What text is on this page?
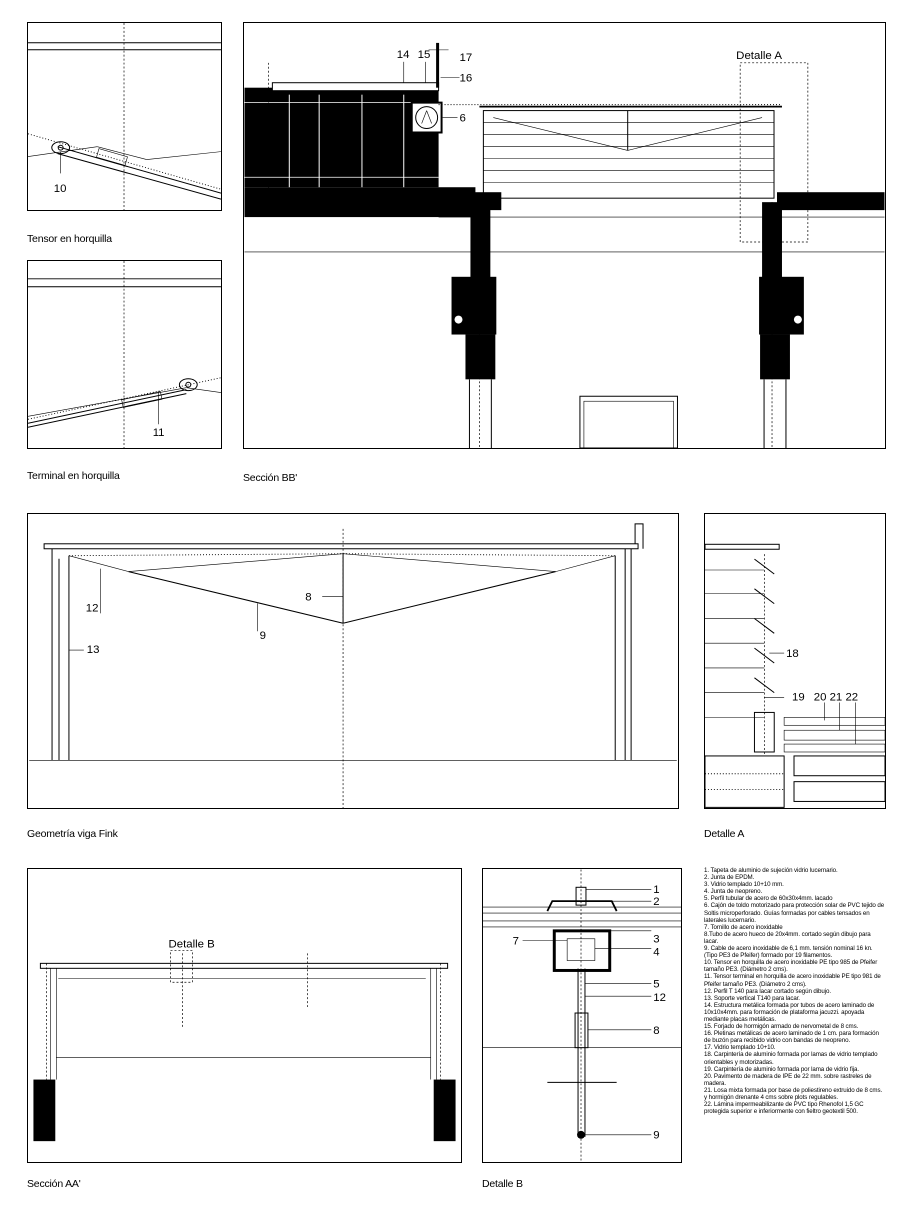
10
Tensor en horquilla
11
Terminal en horquilla
Detalle A
14 15	17
16
6
Sección BB'
12
8
9
13
Geometría viga Fink
18
19 20 21 22
Detalle A
Detalle B
Sección AA'
1
2
3
4
7
5
12
8
9
Detalle B
1. Tapeta de aluminio de sujeción vidrio lucernario.
2. Junta de EPDM.
3. Vidrio templado 10+10 mm.
4. Junta de neopreno.
5. Perfil tubular de acero de 60x30x4mm. lacado
6. Cajón de toldo motorizado para protección solar de PVC tejido de Soltis microperforado. Guías formadas por cables tensados en laterales lucernario.
7. Tornillo de acero inoxidable
8.Tubo de acero hueco de 20x4mm. cortado según dibujo para lacar.
9. Cable de acero inoxidable de 6,1 mm. tensión nominal 16 kn. (Tipo PE3 de Pfeifer) formado por 19 filamentos.
10. Tensor en horquilla de acero inoxidable PE tipo 985 de Pfeifer tamaño PE3. (Diámetro 2 cms).
11. Tensor terminal en horquilla de acero inoxidable PE tipo 981 de Pfeifer tamaño PE3. (Diámetro 2 cms).
12. Perfil T 140 para lacar cortado según dibujo.
13. Soporte vertical T140 para lacar.
14. Estructura metálica formada por tubos de acero laminado de 10x10x4mm. para formación de plataforma jacuzzi. apoyada mediante placas metálicas.
15. Forjado de hormigón armado de nervometal de 8 cms.
16. Pletinas metálicas de acero laminado de 1 cm. para formación de buzón para recibido vidrio con bandas de neopreno.
17. Vidrio templado 10+10.
18. Carpintería de aluminio formada por lamas de vidrio templado orientables y motorizadas.
19. Carpintería de aluminio formada por lama de vidrio fija.
20. Pavimento de madera de IPE de 22 mm. sobre rastreles de madera.
21. Losa mixta formada por base de poliestireno extruido de 8 cms. y hormigón drenante 4 cms sobre plots regulables.
22. Lámina impermeabilizante de PVC tipo Rhenofol 1,5 GC protegida superior e inferiormente con fieltro geotextil 500.
